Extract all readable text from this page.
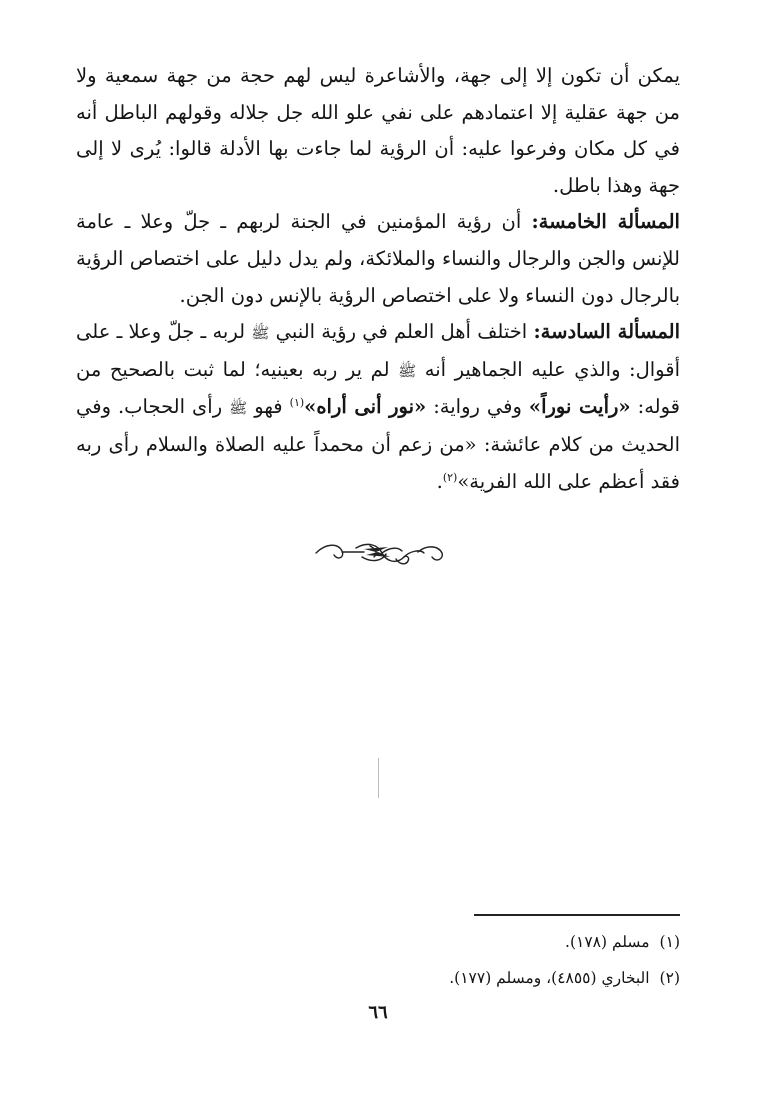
يمكن أن تكون إلا إلى جهة، والأشاعرة ليس لهم حجة من جهة سمعية ولا من جهة عقلية إلا اعتمادهم على نفي علو الله جل جلاله وقولهم الباطل أنه في كل مكان وفرعوا عليه: أن الرؤية لما جاءت بها الأدلة قالوا: يُرى لا إلى جهة وهذا باطل.

المسألة الخامسة: أن رؤية المؤمنين في الجنة لربهم ـ جلّ وعلا ـ عامة للإنس والجن والرجال والنساء والملائكة، ولم يدل دليل على اختصاص الرؤية بالرجال دون النساء ولا على اختصاص الرؤية بالإنس دون الجن.

المسألة السادسة: اختلف أهل العلم في رؤية النبي ﷺ لربه ـ جلّ وعلا ـ على أقوال: والذي عليه الجماهير أنه ﷺ لم ير ربه بعينيه؛ لما ثبت بالصحيح من قوله: «رأيت نوراً» وفي رواية: «نور أنى أراه»$^{(١)}$ فهو ﷺ رأى الحجاب. وفي الحديث من كلام عائشة: «من زعم أن محمداً عليه الصلاة والسلام رأى ربه فقد أعظم على الله الفرية»$^{(٢)}$.

(١)مسلم (١٧٨).

(٢)البخاري (٤٨٥٥)، ومسلم (١٧٧).

٦٦
